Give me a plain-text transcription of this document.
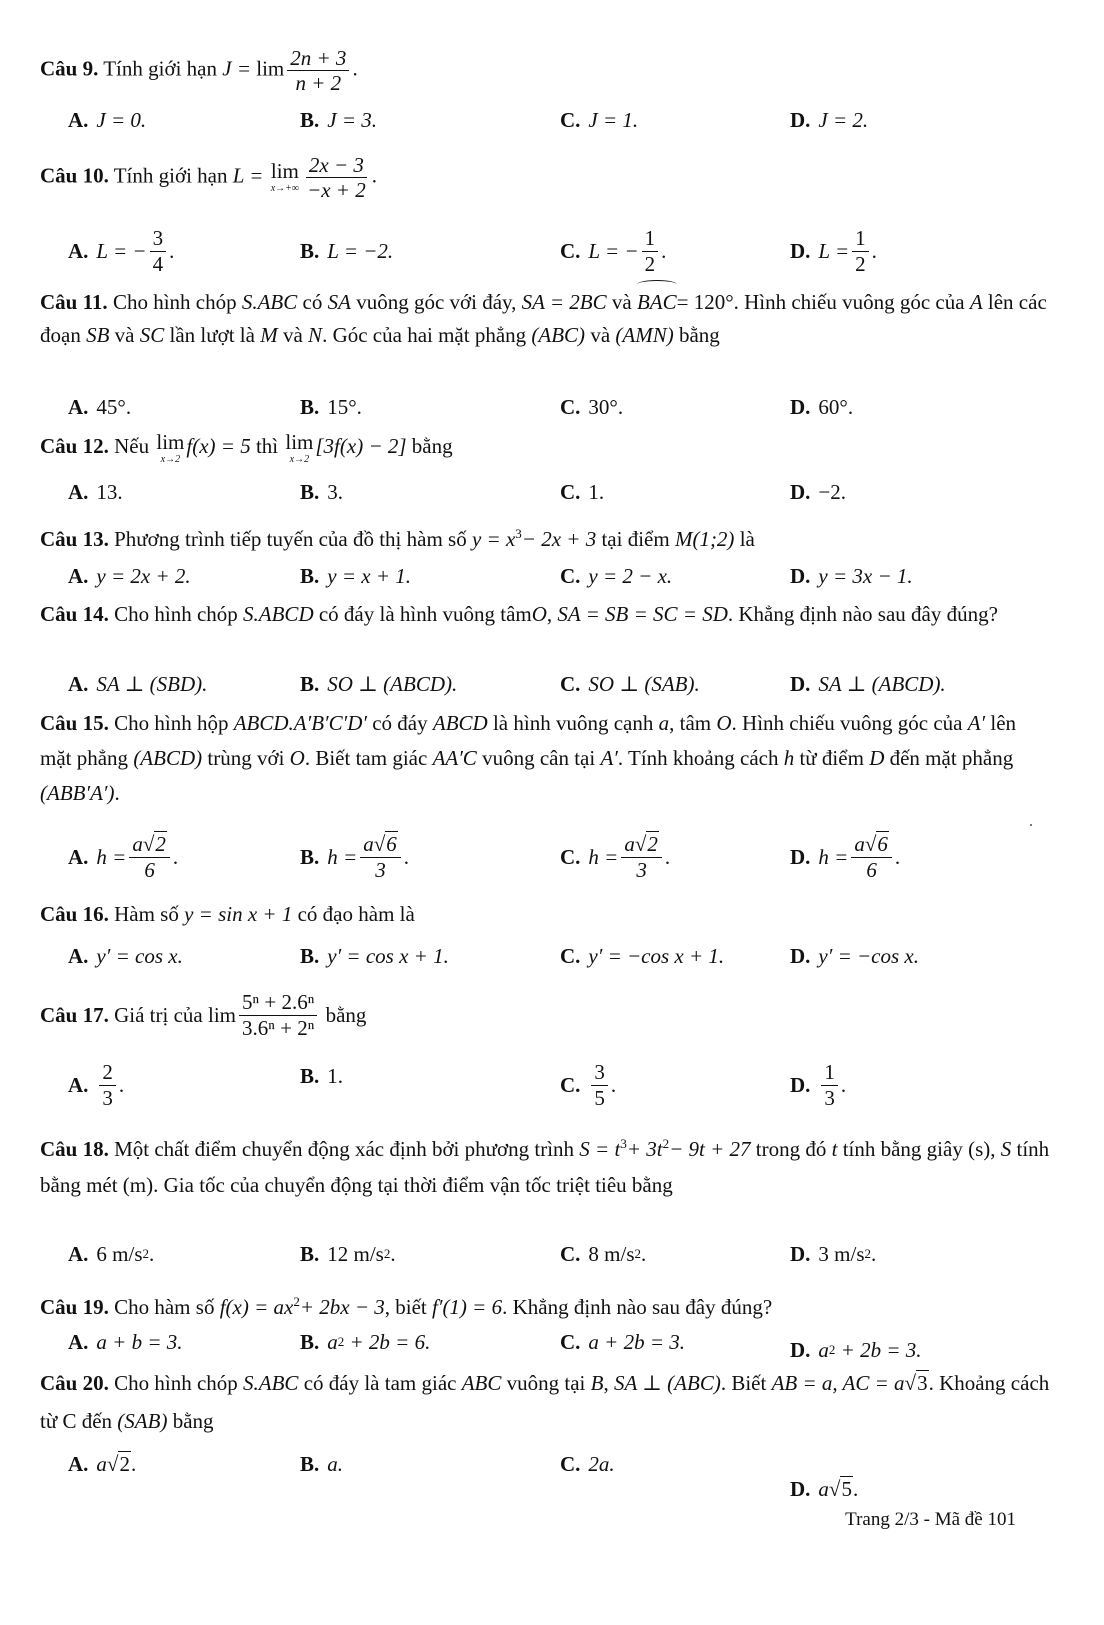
Câu 9. Tính giới hạn $J = \lim \frac{2n + 3}{n + 2}$ .
A. J = 0.	B. J = 3.	C. J = 1.	D. J = 2.
Câu 10. Tính giới hạn L = lim
$x\to+\infty \frac{2x - 3}{-x + 2}$ .
A. L = − $\frac{3}{4}$ .	B. L = −2.	C. L = − $\frac{1}{2}$ .	D. $L = \frac{1}{2}$ .
Câu 11. Cho hình chóp S.ABC có SA vuông góc với đáy, SA = 2BC và BAC= 120°. Hình chiếu vuông góc của A lên các đoạn SB và SC lần lượt là M và N. Góc của hai mặt phẳng (ABC) và (AMN) bằng
A. 45°.	B. 15°.	C. 30°.	D. 60°.
Câu 12. Nếu lim
x→2
f(x) = 5 thì lim
x→2
[3f(x) − 2] bằng
A. 13.	B. 3.	C. 1.	D. −2.
Câu 13. Phương trình tiếp tuyến của đồ thị hàm số $y = x^3- 2x + 3$ tại điểm M(1;2) là
A. y = 2x + 2.	B. y = x + 1.	C. y = 2 − x.	D. y = 3x − 1.
Câu 14. Cho hình chóp S.ABCD có đáy là hình vuông tâmO, SA = SB = SC = SD. Khẳng định nào sau đây đúng?
A. SA ⊥ (SBD).	B. SO ⊥ (ABCD).	C. SO ⊥ (SAB).	D. SA ⊥ (ABCD).
Câu 15. Cho hình hộp ABCD.A′B′C′D′ có đáy ABCD là hình vuông cạnh a, tâm O. Hình chiếu vuông góc của A′ lên mặt phẳng (ABCD) trùng với O. Biết tam giác AA′C vuông cân tại A′. Tính khoảng cách h từ điểm D đến mặt phẳng (ABB′A′).
A. $h = \frac{a√2}{6}$ .	B. $h = \frac{a√6}{3}$ .	C. $h = \frac{a√2}{3}$ .	D. $h = \frac{a√6}{6}$ .
Câu 16. Hàm số y = sin x + 1 có đạo hàm là
A. y′ = cos x.	B. y′ = cos x + 1.	C. y′ = −cos x + 1.	D. y′ = −cos x.
Câu 17.
Giá trị của
$\lim \frac{\text{5ⁿ + 2.6ⁿ}}{\text{3.6ⁿ + 2ⁿ}}$
bằng
A. $\frac{2}{3}$ .	B. 1.	C. $\frac{3}{5}$ .	D. $\frac{1}{3}$ .
Câu 18. Một chất điểm chuyển động xác định bởi phương trình $S = t^3+ 3t^2- 9t + 27$ trong đó t tính bằng giây (s), S tính bằng mét (m). Gia tốc của chuyển động tại thời điểm vận tốc triệt tiêu bằng
A. 6 m/s 2 .	B. 12 m/s 2 .	C. 8 m/s 2 .	D. 3 m/s 2 .
Câu 19. Cho hàm số $f(x) = ax^2+ 2bx - 3$, biết f′(1) = 6. Khẳng định nào sau đây đúng?
A. a + b = 3.	B. a 2 + 2b = 6.	C. a + 2b = 3.	D. a 2 + 2b = 3.
Câu 20. Cho hình chóp S.ABC có đáy là tam giác ABC vuông tại B, SA ⊥ (ABC). Biết AB = a, AC = a√3. Khoảng cách từ C đến (SAB) bằng
A. a √2 .	B. a.	C. 2a.
D. a √5 .
Trang 2/3 - Mã đề 101
